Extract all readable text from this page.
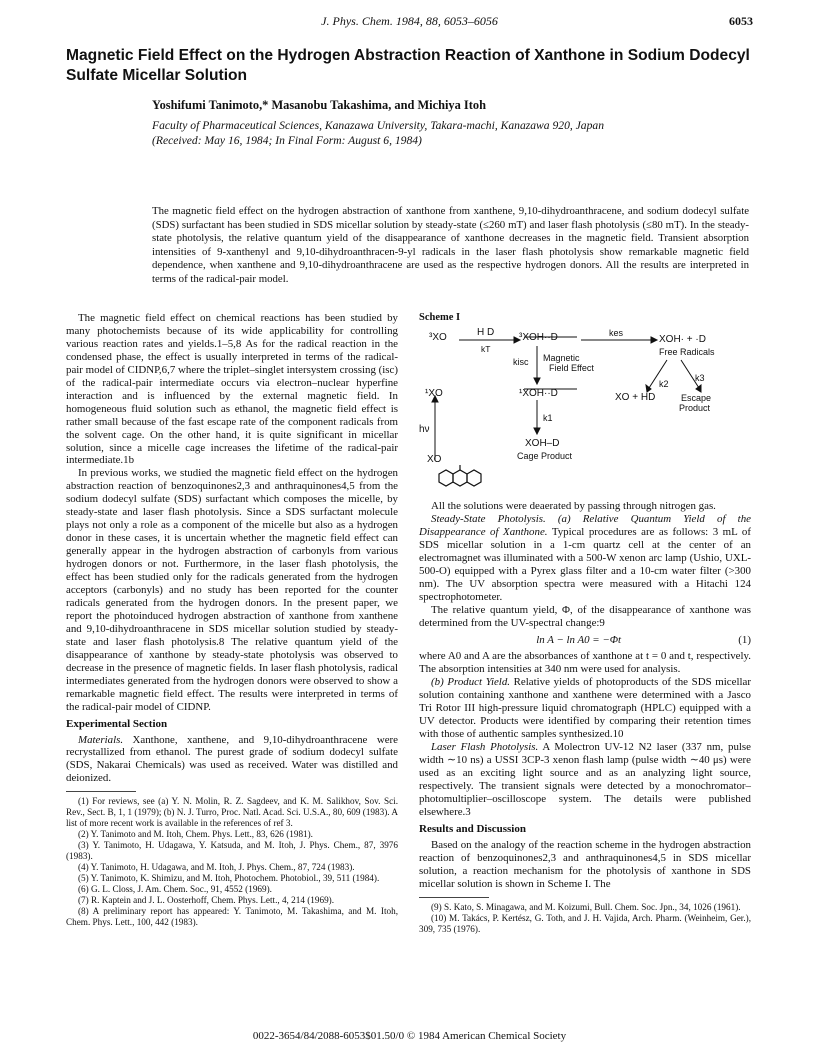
J. Phys. Chem. 1984, 88, 6053–6056	6053
Magnetic Field Effect on the Hydrogen Abstraction Reaction of Xanthone in Sodium Dodecyl Sulfate Micellar Solution
Yoshifumi Tanimoto,* Masanobu Takashima, and Michiya Itoh
Faculty of Pharmaceutical Sciences, Kanazawa University, Takara-machi, Kanazawa 920, Japan
(Received: May 16, 1984; In Final Form: August 6, 1984)
The magnetic field effect on the hydrogen abstraction of xanthone from xanthene, 9,10-dihydroanthracene, and sodium dodecyl sulfate (SDS) surfactant has been studied in SDS micellar solution by steady-state (≤260 mT) and laser flash photolysis (≤80 mT). In the steady-state photolysis, the relative quantum yield of the disappearance of xanthone decreases in the magnetic field. Transient absorption intensities of 9-xanthenyl and 9,10-dihydroanthracen-9-yl radicals in the laser flash photolysis show remarkable magnetic field dependence, when xanthene and 9,10-dihydroanthracene are used as the respective hydrogen donors. All the results are interpreted in terms of the radical-pair model.

The magnetic field effect on chemical reactions has been studied by many photochemists because of its wide applicability for controlling various reaction rates and yields.1–5,8 As for the radical reaction in the condensed phase, the effect is usually interpreted in terms of the radical-pair model of CIDNP,6,7 where the triplet–singlet intersystem crossing (isc) of the radical-pair intermediate occurs via electron–nuclear hyperfine interaction and is influenced by the external magnetic field. In homogeneous fluid solution such as ethanol, the magnetic field effect is rather small because of the fast escape rate of the component radicals from the solvent cage. On the other hand, it is quite significant in micellar solution, since a micelle cage increases the lifetime of the radical-pair intermediate.1b

In previous works, we studied the magnetic field effect on the hydrogen abstraction reaction of benzoquinones2,3 and anthraquinones4,5 from the sodium dodecyl sulfate (SDS) surfactant which composes the micelle, by steady-state and laser flash photolysis. Since a SDS surfactant molecule plays not only a role as a component of the micelle but also as a hydrogen donor in these cases, it is uncertain whether the magnetic field effect can generally appear in the hydrogen abstraction of carbonyls from various hydrogen donors or not. Furthermore, in the laser flash photolysis, the effect has been studied only for the radicals generated from the hydrogen acceptors (carbonyls) and no study has been reported for the counter radicals generated from the hydrogen donors. In the present paper, we report the photoinduced hydrogen abstraction of xanthone from xanthene and 9,10-dihydroanthracene in SDS micellar solution studied by steady-state and laser flash photolysis.8 The relative quantum yield of the disappearance of xanthone by steady-state photolysis was observed to decrease in the presence of magnetic fields. In laser flash photolysis, radical intermediates generated from the hydrogen donors were observed to show a remarkable magnetic field effect. The results were interpreted in terms of the radical-pair model of CIDNP.

Experimental Section

Materials. Xanthone, xanthene, and 9,10-dihydroanthracene were recrystallized from ethanol. The purest grade of sodium dodecyl sulfate (SDS, Nakarai Chemicals) was used as received. Water was distilled and deionized.

(1) For reviews, see (a) Y. N. Molin, R. Z. Sagdeev, and K. M. Salikhov, Sov. Sci. Rev., Sect. B, 1, 1 (1979); (b) N. J. Turro, Proc. Natl. Acad. Sci. U.S.A., 80, 609 (1983). A list of more recent work is available in the references of ref 3.

(2) Y. Tanimoto and M. Itoh, Chem. Phys. Lett., 83, 626 (1981).

(3) Y. Tanimoto, H. Udagawa, Y. Katsuda, and M. Itoh, J. Phys. Chem., 87, 3976 (1983).

(4) Y. Tanimoto, H. Udagawa, and M. Itoh, J. Phys. Chem., 87, 724 (1983).

(5) Y. Tanimoto, K. Shimizu, and M. Itoh, Photochem. Photobiol., 39, 511 (1984).

(6) G. L. Closs, J. Am. Chem. Soc., 91, 4552 (1969).

(7) R. Kaptein and J. L. Oosterhoff, Chem. Phys. Lett., 4, 214 (1969).

(8) A preliminary report has appeared: Y. Tanimoto, M. Takashima, and M. Itoh, Chem. Phys. Lett., 100, 442 (1983).

Scheme I
³XO	H D
kT
³XOH··D	kes
XOH· + ·D
Free Radicals
kisc Magnetic
Field Effect
k2
k3
¹XO	¹XOH··D	XO + HD	Escape
Product
hν
k1
XO
XOH–D
Cage Product

All the solutions were deaerated by passing through nitrogen gas.

Steady-State Photolysis. (a) Relative Quantum Yield of the Disappearance of Xanthone. Typical procedures are as follows: 3 mL of SDS micellar solution in a 1-cm quartz cell at the center of an electromagnet was illuminated with a 500-W xenon arc lamp (Ushio, UXL-500-O) equipped with a Pyrex glass filter and a 10-cm water filter (>300 nm). The UV absorption spectra were measured with a Hitachi 124 spectrophotometer.

The relative quantum yield, Φ, of the disappearance of xanthone was determined from the UV-spectral change:9

ln A − ln A0 = −Φt	(1)

where A0 and A are the absorbances of xanthone at t = 0 and t, respectively. The absorption intensities at 340 nm were used for analysis.

(b) Product Yield. Relative yields of photoproducts of the SDS micellar solution containing xanthone and xanthene were determined with a Jasco Tri Rotor III high-pressure liquid chromatograph (HPLC) equipped with a UV detector. Products were identified by comparing their retention times with those of authentic samples synthesized.10

Laser Flash Photolysis. A Molectron UV-12 N2 laser (337 nm, pulse width ∼10 ns) a USSI 3CP-3 xenon flash lamp (pulse width ∼40 μs) were used as an exciting light source and as an analyzing light source, respectively. The transient signals were detected by a monochromator–photomultiplier–oscilloscope system. The details were published elsewhere.3

Results and Discussion

Based on the analogy of the reaction scheme in the hydrogen abstraction reaction of benzoquinones2,3 and anthraquinones4,5 in SDS micellar solution, a reaction mechanism for the photolysis of xanthone in SDS micellar solution is shown in Scheme I. The

(9) S. Kato, S. Minagawa, and M. Koizumi, Bull. Chem. Soc. Jpn., 34, 1026 (1961).

(10) M. Takács, P. Kertész, G. Toth, and J. H. Vajida, Arch. Pharm. (Weinheim, Ger.), 309, 735 (1976).

0022-3654/84/2088-6053$01.50/0 © 1984 American Chemical Society
